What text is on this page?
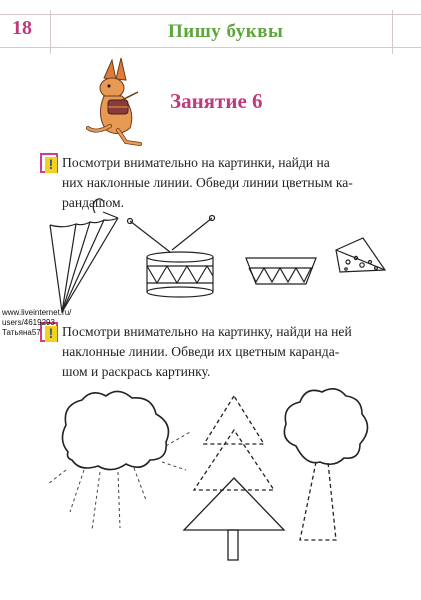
18	Пишу буквы
Занятие 6
! Посмотри внимательно на картинки, найди на
них наклонные линии. Обведи линии цветным ка-
рандашом.
! Посмотри внимательно на картинку, найди на ней
наклонные линии. Обведи их цветным каранда-
шом и раскрась картинку.
www.liveinternet.ru/
users/4619293
Татьяна57
